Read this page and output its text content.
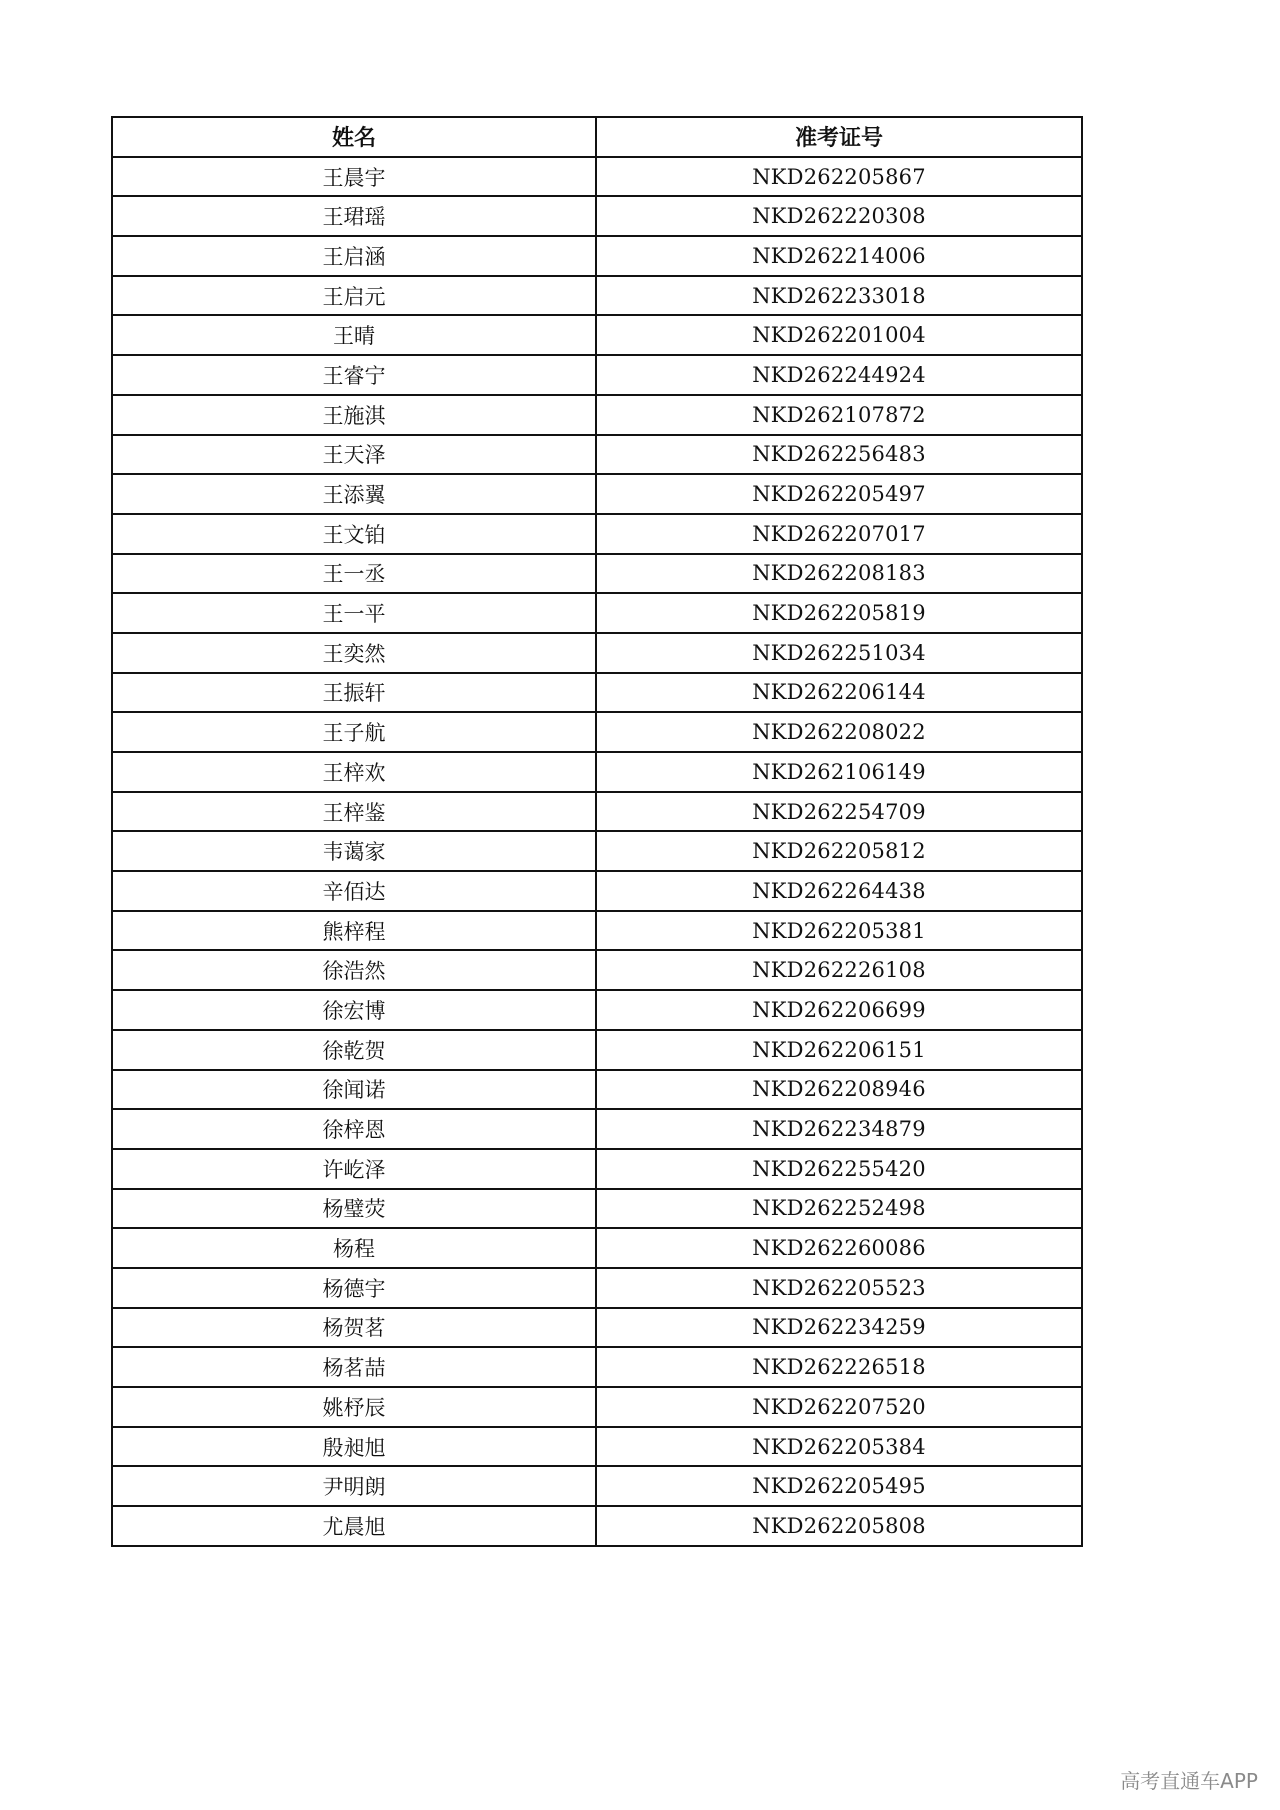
姓名	准考证号
王晨宇	NKD262205867
王珺瑶	NKD262220308
王启涵	NKD262214006
王启元	NKD262233018
王晴	NKD262201004
王睿宁	NKD262244924
王施淇	NKD262107872
王天泽	NKD262256483
王添翼	NKD262205497
王文铂	NKD262207017
王一丞	NKD262208183
王一平	NKD262205819
王奕然	NKD262251034
王振轩	NKD262206144
王子航	NKD262208022
王梓欢	NKD262106149
王梓鉴	NKD262254709
韦蔼家	NKD262205812
辛佰达	NKD262264438
熊梓程	NKD262205381
徐浩然	NKD262226108
徐宏博	NKD262206699
徐乾贺	NKD262206151
徐闻诺	NKD262208946
徐梓恩	NKD262234879
许屹泽	NKD262255420
杨璧荧	NKD262252498
杨程	NKD262260086
杨德宇	NKD262205523
杨贺茗	NKD262234259
杨茗喆	NKD262226518
姚杼辰	NKD262207520
殷昶旭	NKD262205384
尹明朗	NKD262205495
尤晨旭	NKD262205808
高考直通车APP
